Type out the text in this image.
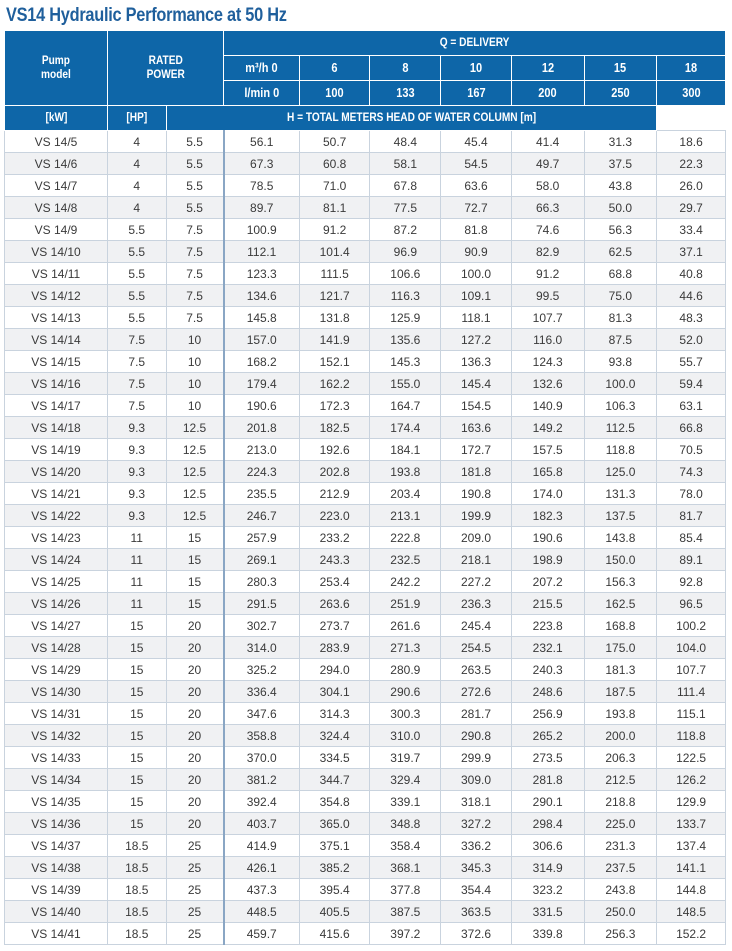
VS14 Hydraulic Performance at 50 Hz
Pump
model	RATED
POWER		Q = DELIVERY						
			m³/h 0	6	8	10	12	15	18
			l/min 0	100	133	167	200	250	300
[kW]	[HP]	H = TOTAL METERS HEAD OF WATER COLUMN [m]							
VS 14/5	4	5.5	56.1	50.7	48.4	45.4	41.4	31.3	18.6
VS 14/6	4	5.5	67.3	60.8	58.1	54.5	49.7	37.5	22.3
VS 14/7	4	5.5	78.5	71.0	67.8	63.6	58.0	43.8	26.0
VS 14/8	4	5.5	89.7	81.1	77.5	72.7	66.3	50.0	29.7
VS 14/9	5.5	7.5	100.9	91.2	87.2	81.8	74.6	56.3	33.4
VS 14/10	5.5	7.5	112.1	101.4	96.9	90.9	82.9	62.5	37.1
VS 14/11	5.5	7.5	123.3	111.5	106.6	100.0	91.2	68.8	40.8
VS 14/12	5.5	7.5	134.6	121.7	116.3	109.1	99.5	75.0	44.6
VS 14/13	5.5	7.5	145.8	131.8	125.9	118.1	107.7	81.3	48.3
VS 14/14	7.5	10	157.0	141.9	135.6	127.2	116.0	87.5	52.0
VS 14/15	7.5	10	168.2	152.1	145.3	136.3	124.3	93.8	55.7
VS 14/16	7.5	10	179.4	162.2	155.0	145.4	132.6	100.0	59.4
VS 14/17	7.5	10	190.6	172.3	164.7	154.5	140.9	106.3	63.1
VS 14/18	9.3	12.5	201.8	182.5	174.4	163.6	149.2	112.5	66.8
VS 14/19	9.3	12.5	213.0	192.6	184.1	172.7	157.5	118.8	70.5
VS 14/20	9.3	12.5	224.3	202.8	193.8	181.8	165.8	125.0	74.3
VS 14/21	9.3	12.5	235.5	212.9	203.4	190.8	174.0	131.3	78.0
VS 14/22	9.3	12.5	246.7	223.0	213.1	199.9	182.3	137.5	81.7
VS 14/23	11	15	257.9	233.2	222.8	209.0	190.6	143.8	85.4
VS 14/24	11	15	269.1	243.3	232.5	218.1	198.9	150.0	89.1
VS 14/25	11	15	280.3	253.4	242.2	227.2	207.2	156.3	92.8
VS 14/26	11	15	291.5	263.6	251.9	236.3	215.5	162.5	96.5
VS 14/27	15	20	302.7	273.7	261.6	245.4	223.8	168.8	100.2
VS 14/28	15	20	314.0	283.9	271.3	254.5	232.1	175.0	104.0
VS 14/29	15	20	325.2	294.0	280.9	263.5	240.3	181.3	107.7
VS 14/30	15	20	336.4	304.1	290.6	272.6	248.6	187.5	111.4
VS 14/31	15	20	347.6	314.3	300.3	281.7	256.9	193.8	115.1
VS 14/32	15	20	358.8	324.4	310.0	290.8	265.2	200.0	118.8
VS 14/33	15	20	370.0	334.5	319.7	299.9	273.5	206.3	122.5
VS 14/34	15	20	381.2	344.7	329.4	309.0	281.8	212.5	126.2
VS 14/35	15	20	392.4	354.8	339.1	318.1	290.1	218.8	129.9
VS 14/36	15	20	403.7	365.0	348.8	327.2	298.4	225.0	133.7
VS 14/37	18.5	25	414.9	375.1	358.4	336.2	306.6	231.3	137.4
VS 14/38	18.5	25	426.1	385.2	368.1	345.3	314.9	237.5	141.1
VS 14/39	18.5	25	437.3	395.4	377.8	354.4	323.2	243.8	144.8
VS 14/40	18.5	25	448.5	405.5	387.5	363.5	331.5	250.0	148.5
VS 14/41	18.5	25	459.7	415.6	397.2	372.6	339.8	256.3	152.2
